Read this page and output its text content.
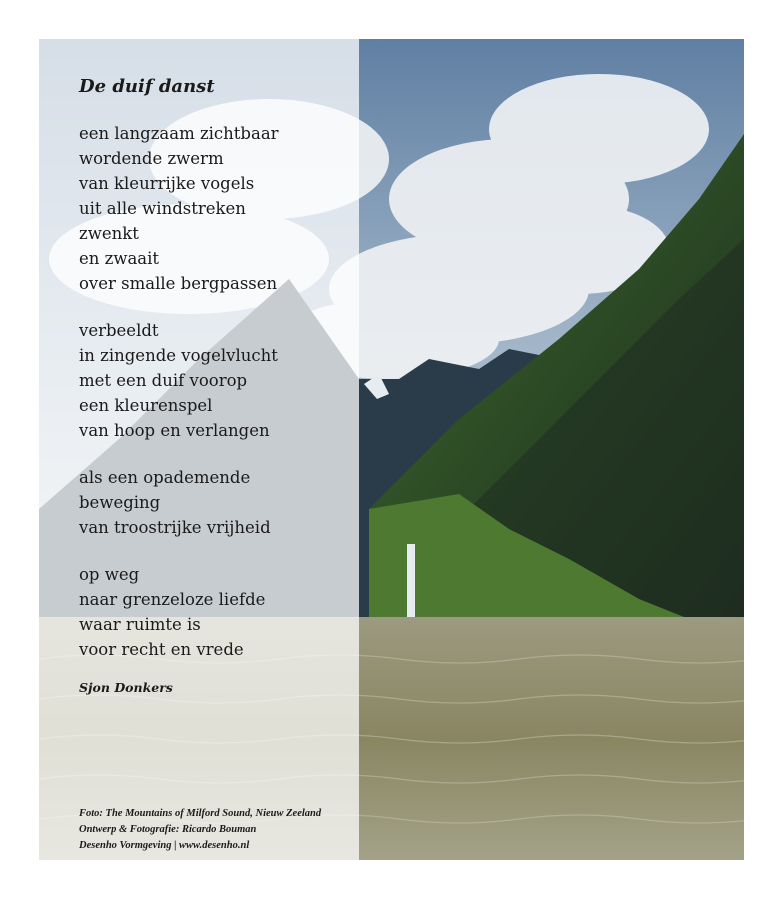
De duif danst
een langzaam zichtbaar
wordende zwerm
van kleurrijke vogels
uit alle windstreken
zwenkt
en zwaait
over smalle bergpassen
verbeeldt
in zingende vogelvlucht
met een duif voorop
een kleurenspel
van hoop en verlangen
als een opademende
beweging
van troostrijke vrijheid
op weg
naar grenzeloze liefde
waar ruimte is
voor recht en vrede
Sjon Donkers
Foto: The Mountains of Milford Sound, Nieuw Zeeland
Ontwerp & Fotografie: Ricardo Bouman
Desenho Vormgeving | www.desenho.nl
